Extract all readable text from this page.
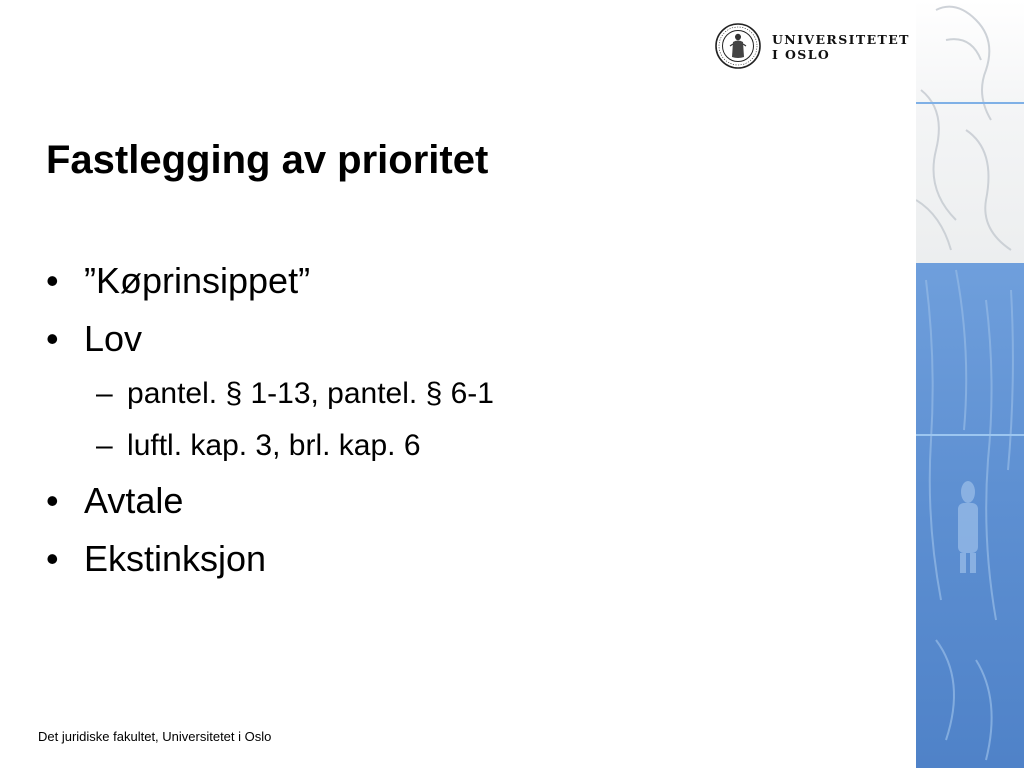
UNIVERSITETET
I OSLO
Fastlegging av prioritet
• ”Køprinsippet”
• Lov
– pantel. § 1-13, pantel. § 6-1
– luftl. kap. 3, brl. kap. 6
• Avtale
• Ekstinksjon
Det juridiske fakultet, Universitetet i Oslo
